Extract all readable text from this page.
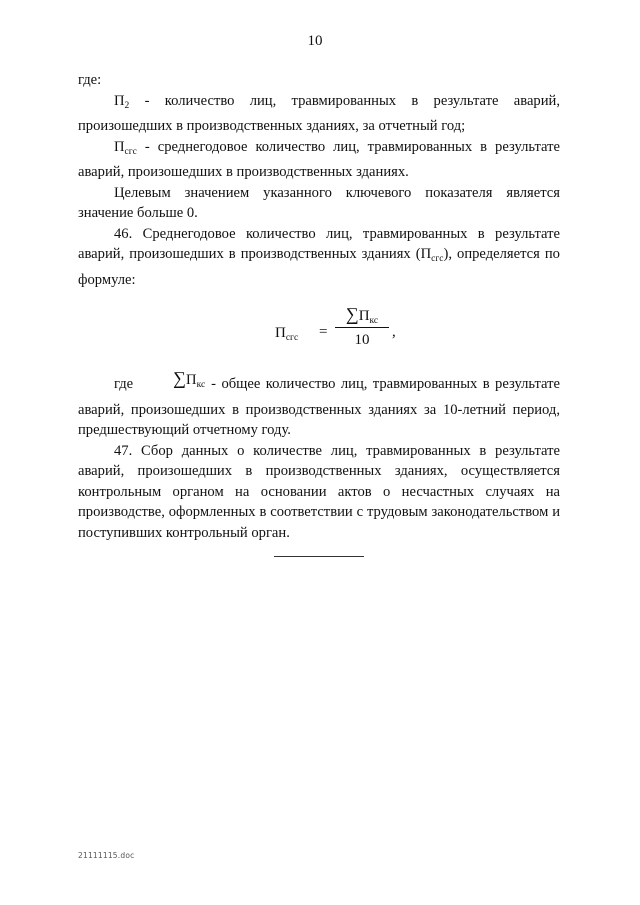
10

где:

$П_2$ - количество лиц, травмированных в результате аварий, произошедших в производственных зданиях, за отчетный год;

$П_{сгс}$ - среднегодовое количество лиц, травмированных в результате аварий, произошедших в производственных зданиях.

Целевым значением указанного ключевого показателя является значение больше 0.

46. Среднегодовое количество лиц, травмированных в результате аварий, произошедших в производственных зданиях $(П_{сгс})$, определяется по формуле:

$П_{сгс}$ =
$\sum П_{кс}$
10	,

где $\sum П_{кс}$ - общее количество лиц, травмированных в результате аварий, произошедших в производственных зданиях за 10-летний период, предшествующий отчетному году.

47. Сбор данных о количестве лиц, травмированных в результате аварий, произошедших в производственных зданиях, осуществляется контрольным органом на основании актов о несчастных случаях на производстве, оформленных в соответствии с трудовым законодательством и поступивших контрольный орган.

21111115.doc
